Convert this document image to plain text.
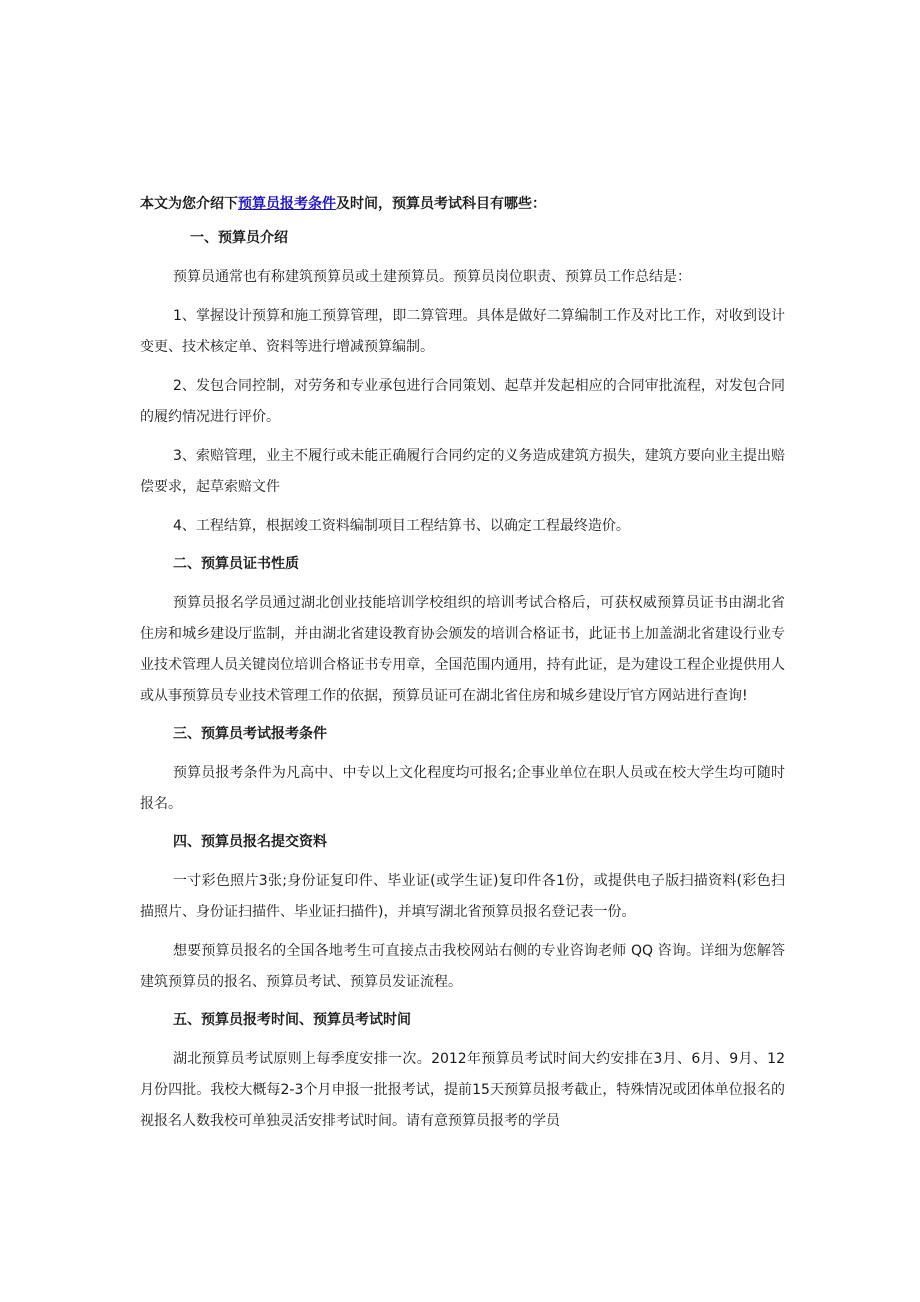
本文为您介绍下预算员报考条件及时间，预算员考试科目有哪些：
一、预算员介绍

预算员通常也有称建筑预算员或土建预算员。预算员岗位职责、预算员工作总结是：

1、掌握设计预算和施工预算管理，即二算管理。具体是做好二算编制工作及对比工作，对收到设计变更、技术核定单、资料等进行增减预算编制。

2、发包合同控制，对劳务和专业承包进行合同策划、起草并发起相应的合同审批流程，对发包合同的履约情况进行评价。

3、索赔管理，业主不履行或未能正确履行合同约定的义务造成建筑方损失，建筑方要向业主提出赔偿要求，起草索赔文件

4、工程结算，根据竣工资料编制项目工程结算书、以确定工程最终造价。

二、预算员证书性质

预算员报名学员通过湖北创业技能培训学校组织的培训考试合格后，可获权威预算员证书由湖北省住房和城乡建设厅监制，并由湖北省建设教育协会颁发的培训合格证书，此证书上加盖湖北省建设行业专业技术管理人员关键岗位培训合格证书专用章，全国范围内通用，持有此证，是为建设工程企业提供用人或从事预算员专业技术管理工作的依据，预算员证可在湖北省住房和城乡建设厅官方网站进行查询!

三、预算员考试报考条件

预算员报考条件为凡高中、中专以上文化程度均可报名;企事业单位在职人员或在校大学生均可随时报名。

四、预算员报名提交资料

一寸彩色照片3张;身份证复印件、毕业证(或学生证)复印件各1份，或提供电子版扫描资料(彩色扫描照片、身份证扫描件、毕业证扫描件)，并填写湖北省预算员报名登记表一份。

想要预算员报名的全国各地考生可直接点击我校网站右侧的专业咨询老师 QQ 咨询。详细为您解答建筑预算员的报名、预算员考试、预算员发证流程。

五、预算员报考时间、预算员考试时间

湖北预算员考试原则上每季度安排一次。2012年预算员考试时间大约安排在3月、6月、9月、12月份四批。我校大概每2-3个月申报一批报考试，提前15天预算员报考截止，特殊情况或团体单位报名的视报名人数我校可单独灵活安排考试时间。请有意预算员报考的学员
